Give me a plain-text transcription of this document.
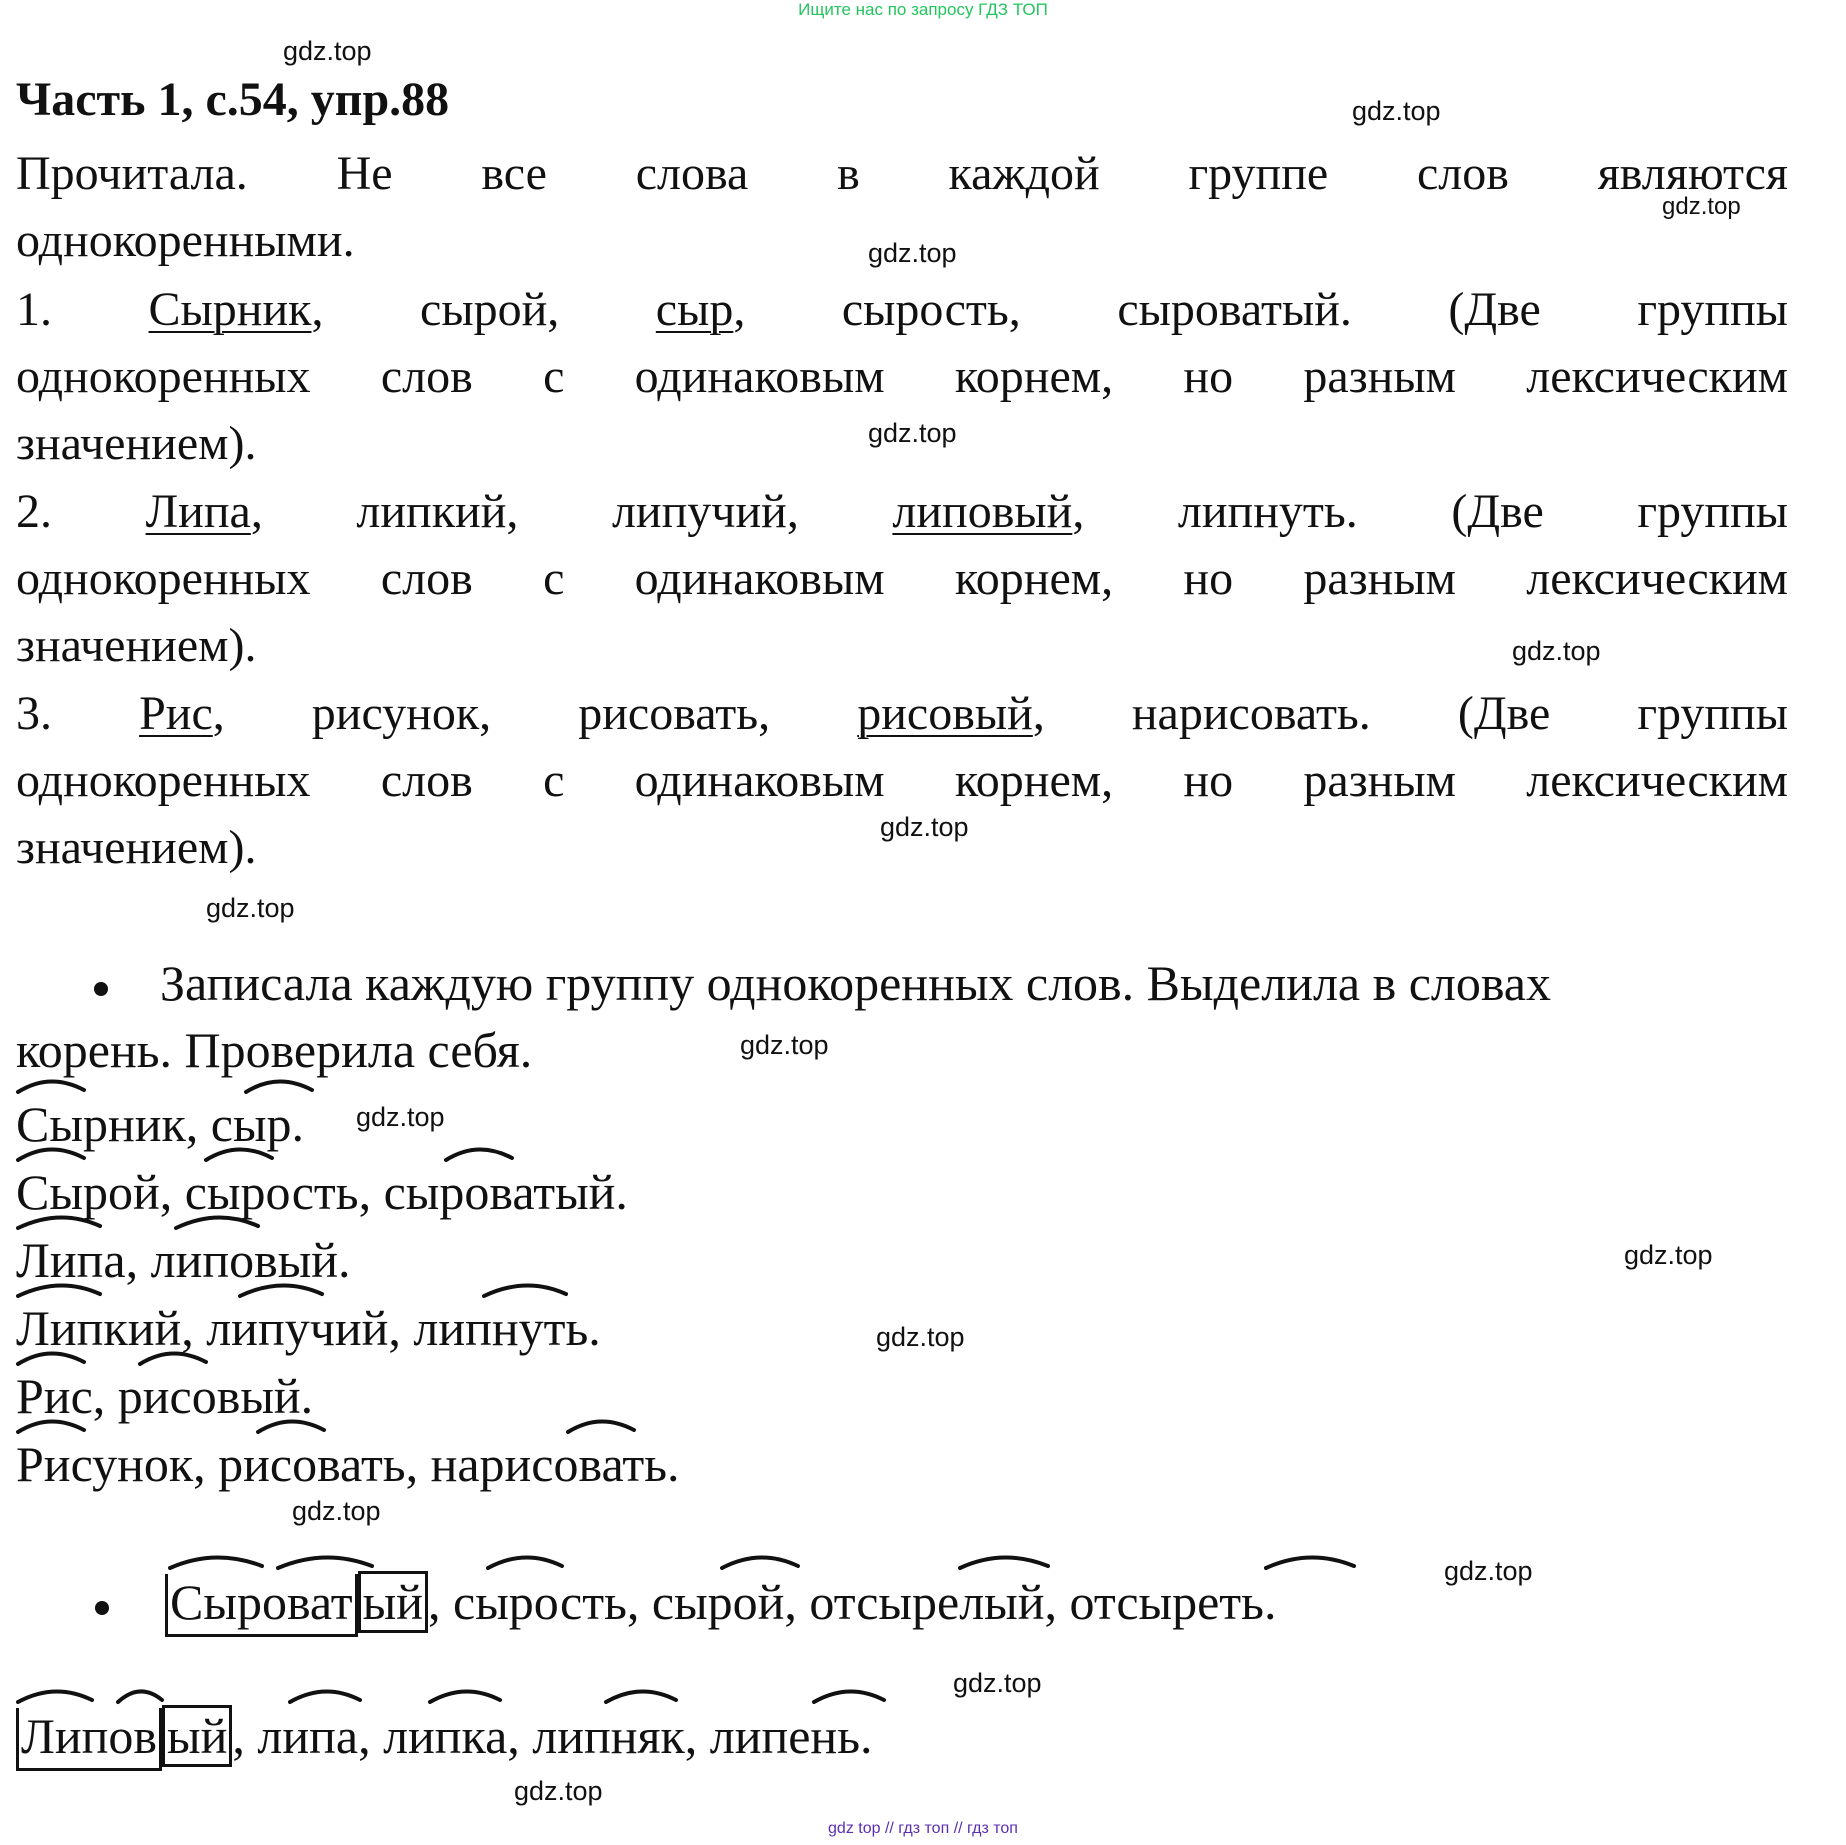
Ищите нас по запросу ГДЗ ТОП
Часть 1, с.54, упр.88
Прочитала. Не все слова в каждой группе слов являются
однокоренными.
1. Сырник, сырой, сыр, сырость, сыроватый. (Две группы
однокоренных слов с одинаковым корнем, но разным лексическим
значением).
2. Липа, липкий, липучий, липовый, липнуть. (Две группы
однокоренных слов с одинаковым корнем, но разным лексическим
значением).
3. Рис, рисунок, рисовать, рисовый, нарисовать. (Две группы
однокоренных слов с одинаковым корнем, но разным лексическим
значением).
Записала каждую группу однокоренных слов. Выделила в словах
корень. Проверила себя.
Сырник, сыр.
Сырой, сырость, сыроватый.
Липа, липовый.
Липкий, липучий, липнуть.
Рис, рисовый.
Рисунок, рисовать, нарисовать.
Сыроват ый , сырость, сырой, отсырелый, отсыреть.
Липов ый , липа, липка, липняк, липень.
gdz.top
gdz.top
gdz.top
gdz.top
gdz.top
gdz.top
gdz.top
gdz.top
gdz.top
gdz.top
gdz.top
gdz.top
gdz.top
gdz.top
gdz.top
gdz.top
gdz top // гдз топ // гдз топ
